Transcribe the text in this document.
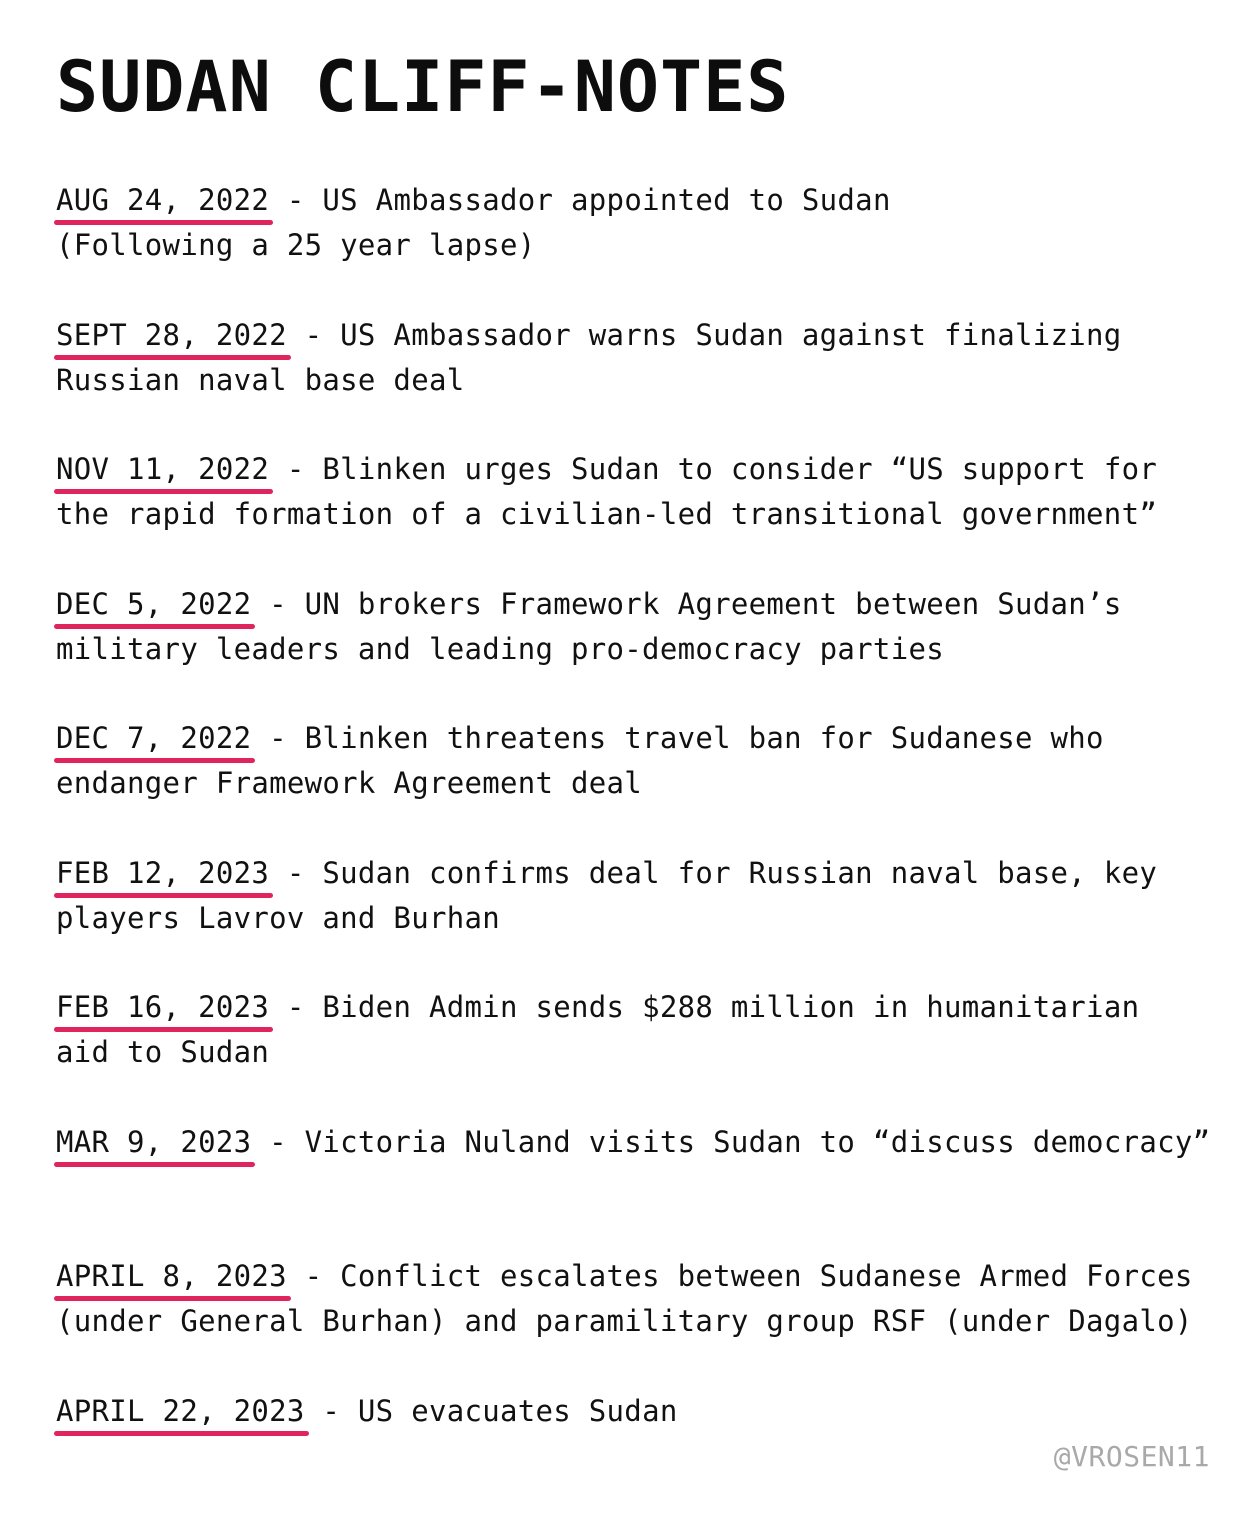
SUDAN CLIFF-NOTES
AUG 24, 2022 - US Ambassador appointed to Sudan
(Following a 25 year lapse)
SEPT 28, 2022 - US Ambassador warns Sudan against finalizing
Russian naval base deal
NOV 11, 2022 - Blinken urges Sudan to consider “US support for
the rapid formation of a civilian-led transitional government”
DEC 5, 2022 - UN brokers Framework Agreement between Sudan’s
military leaders and leading pro-democracy parties
DEC 7, 2022 - Blinken threatens travel ban for Sudanese who
endanger Framework Agreement deal
FEB 12, 2023 - Sudan confirms deal for Russian naval base, key
players Lavrov and Burhan
FEB 16, 2023 - Biden Admin sends $288 million in humanitarian
aid to Sudan
MAR 9, 2023 - Victoria Nuland visits Sudan to “discuss democracy”

APRIL 8, 2023 - Conflict escalates between Sudanese Armed Forces
(under General Burhan) and paramilitary group RSF (under Dagalo)
APRIL 22, 2023 - US evacuates Sudan

@VROSEN11
